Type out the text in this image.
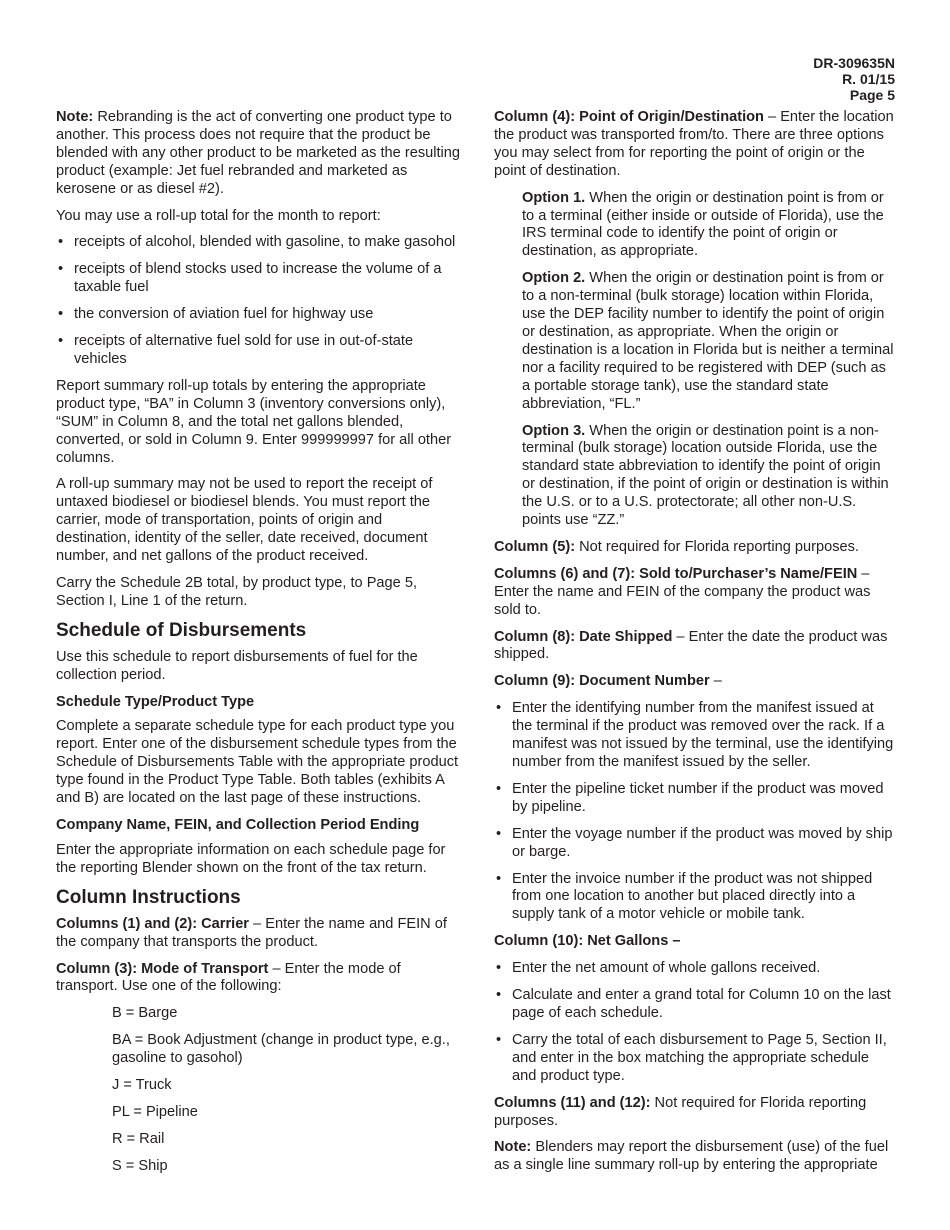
DR-309635N
R. 01/15
Page 5

Note: Rebranding is the act of converting one product type to another. This process does not require that the product be blended with any other product to be marketed as the resulting product (example: Jet fuel rebranded and marketed as kerosene or as diesel #2).

You may use a roll-up total for the month to report:

• receipts of alcohol, blended with gasoline, to make gasohol
• receipts of blend stocks used to increase the volume of a taxable fuel
• the conversion of aviation fuel for highway use
• receipts of alternative fuel sold for use in out-of-state vehicles

Report summary roll-up totals by entering the appropriate product type, “BA” in Column 3 (inventory conversions only), “SUM” in Column 8, and the total net gallons blended, converted, or sold in Column 9. Enter 999999997 for all other columns.

A roll-up summary may not be used to report the receipt of untaxed biodiesel or biodiesel blends. You must report the carrier, mode of transportation, points of origin and destination, identity of the seller, date received, document number, and net gallons of the product received.

Carry the Schedule 2B total, by product type, to Page 5, Section I, Line 1 of the return.

Schedule of Disbursements

Use this schedule to report disbursements of fuel for the collection period.

Schedule Type/Product Type

Complete a separate schedule type for each product type you report. Enter one of the disbursement schedule types from the Schedule of Disbursements Table with the appropriate product type found in the Product Type Table. Both tables (exhibits A and B) are located on the last page of these instructions.

Company Name, FEIN, and Collection Period Ending

Enter the appropriate information on each schedule page for the reporting Blender shown on the front of the tax return.

Column Instructions

Columns (1) and (2): Carrier – Enter the name and FEIN of the company that transports the product.

Column (3): Mode of Transport – Enter the mode of transport. Use one of the following:

B = Barge

BA = Book Adjustment (change in product type, e.g., gasoline to gasohol)

J = Truck

PL = Pipeline

R = Rail

S = Ship

Column (4): Point of Origin/Destination – Enter the location the product was transported from/to. There are three options you may select from for reporting the point of origin or the point of destination.

Option 1. When the origin or destination point is from or to a terminal (either inside or outside of Florida), use the IRS terminal code to identify the point of origin or destination, as appropriate.

Option 2. When the origin or destination point is from or to a non-terminal (bulk storage) location within Florida, use the DEP facility number to identify the point of origin or destination, as appropriate. When the origin or destination is a location in Florida but is neither a terminal nor a facility required to be registered with DEP (such as a portable storage tank), use the standard state abbreviation, “FL.”

Option 3. When the origin or destination point is a non-terminal (bulk storage) location outside Florida, use the standard state abbreviation to identify the point of origin or destination, if the point of origin or destination is within the U.S. or to a U.S. protectorate; all other non-U.S. points use “ZZ.”

Column (5): Not required for Florida reporting purposes.

Columns (6) and (7): Sold to/Purchaser’s Name/FEIN – Enter the name and FEIN of the company the product was sold to.

Column (8): Date Shipped – Enter the date the product was shipped.

Column (9): Document Number –

• Enter the identifying number from the manifest issued at the terminal if the product was removed over the rack. If a manifest was not issued by the terminal, use the identifying number from the manifest issued by the seller.
• Enter the pipeline ticket number if the product was moved by pipeline.
• Enter the voyage number if the product was moved by ship or barge.
• Enter the invoice number if the product was not shipped from one location to another but placed directly into a supply tank of a motor vehicle or mobile tank.

Column (10): Net Gallons –

• Enter the net amount of whole gallons received.
• Calculate and enter a grand total for Column 10 on the last page of each schedule.
• Carry the total of each disbursement to Page 5, Section II, and enter in the box matching the appropriate schedule and product type.

Columns (11) and (12): Not required for Florida reporting purposes.

Note: Blenders may report the disbursement (use) of the fuel as a single line summary roll-up by entering the appropriate
